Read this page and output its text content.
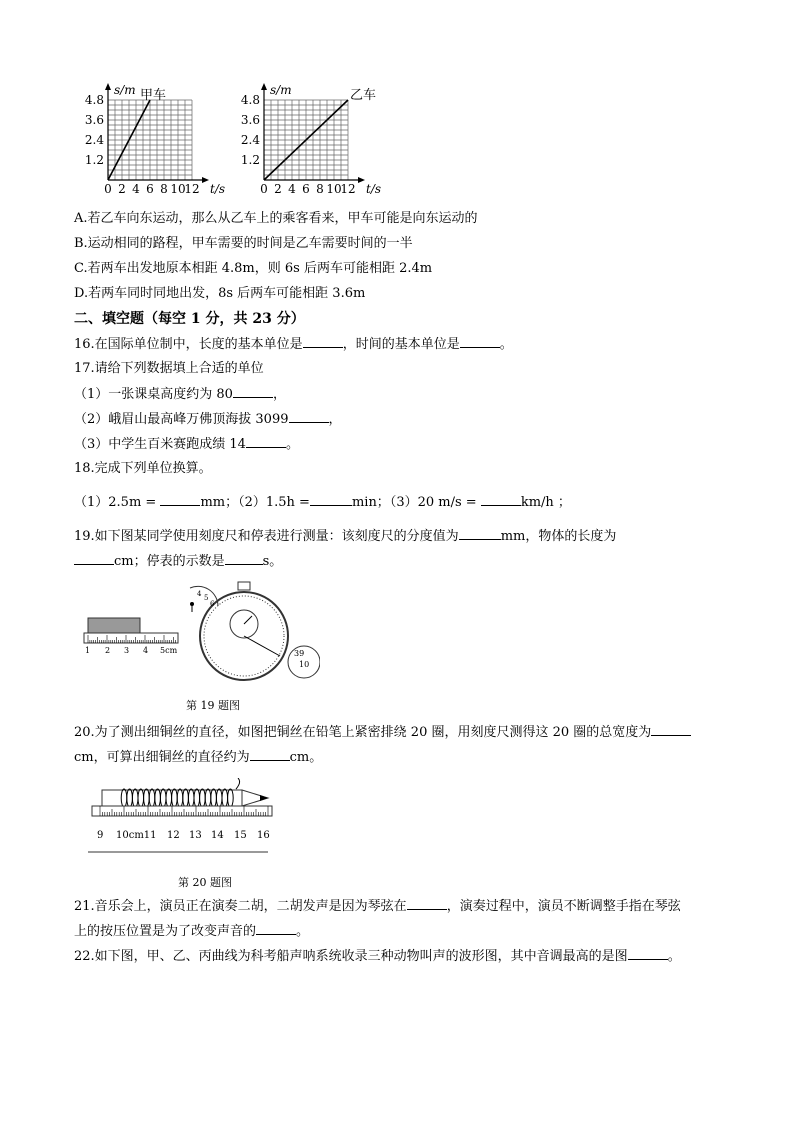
s/m
t/s
1.2
2.4
3.6
4.8
0 2 4 6 8 10
12
甲车	s/m
t/s
1.2
2.4
3.6
4.8
0 2 4 6 8 10
12
乙车
A.若乙车向东运动，那么从乙车上的乘客看来，甲车可能是向东运动的
B.运动相同的路程，甲车需要的时间是乙车需要时间的一半
C.若两车出发地原本相距 4.8m，则 6s 后两车可能相距 2.4m
D.若两车同时同地出发，8s 后两车可能相距 3.6m
二、填空题（每空 1 分，共 23 分）
16.在国际单位制中，长度的基本单位是	，时间的基本单位是	。
17.请给下列数据填上合适的单位
（1）一张课桌高度约为 80	，
（2）峨眉山最高峰万佛顶海拔 3099	，
（3）中学生百米赛跑成绩 14	。
18.完成下列单位换算。
（1）2.5m =	mm；（2）1.5h =	min；（3）20 m/s =	km/h ；
19.如下图某同学使用刻度尺和停表进行测量：该刻度尺的分度值为	mm，物体的长度为
cm；停表的示数是	s。
1 2 3 4 5cm
4 5
6
39
10
第 19 题图
20.为了测出细铜丝的直径，如图把铜丝在铅笔上紧密排绕 20 圈，用刻度尺测得这 20 圈的总宽度为
cm，可算出细铜丝的直径约为	cm。
9 10cm11 12 13 14 15 16
第 20 题图
21.音乐会上，演员正在演奏二胡，二胡发声是因为琴弦在	，演奏过程中，演员不断调整手指在琴弦
上的按压位置是为了改变声音的	。
22.如下图，甲、乙、丙曲线为科考船声呐系统收录三种动物叫声的波形图，其中音调最高的是图	。
